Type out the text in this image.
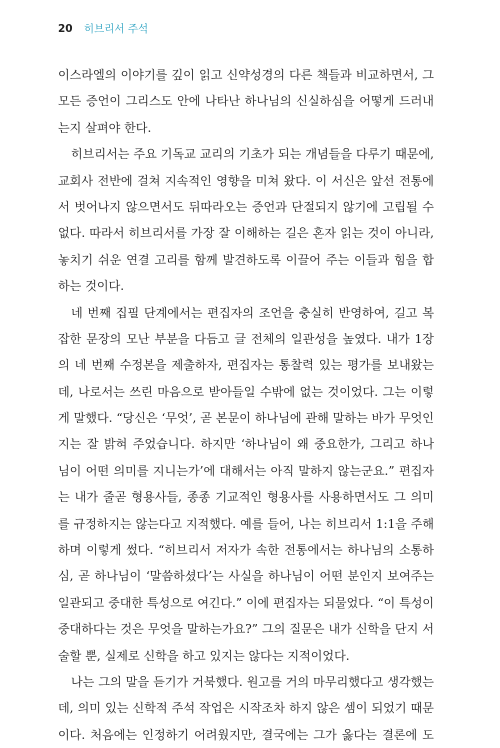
20 히브리서 주석
이스라엘의 이야기를 깊이 읽고 신약성경의 다른 책들과 비교하면서, 그
모든 증언이 그리스도 안에 나타난 하나님의 신실하심을 어떻게 드러내
는지 살펴야 한다.
히브리서는 주요 기독교 교리의 기초가 되는 개념들을 다루기 때문에,
교회사 전반에 걸쳐 지속적인 영향을 미쳐 왔다. 이 서신은 앞선 전통에
서 벗어나지 않으면서도 뒤따라오는 증언과 단절되지 않기에 고립될 수
없다. 따라서 히브리서를 가장 잘 이해하는 길은 혼자 읽는 것이 아니라,
놓치기 쉬운 연결 고리를 함께 발견하도록 이끌어 주는 이들과 힘을 합
하는 것이다.
네 번째 집필 단계에서는 편집자의 조언을 충실히 반영하여, 길고 복
잡한 문장의 모난 부분을 다듬고 글 전체의 일관성을 높였다. 내가 1장
의 네 번째 수정본을 제출하자, 편집자는 통찰력 있는 평가를 보내왔는
데, 나로서는 쓰린 마음으로 받아들일 수밖에 없는 것이었다. 그는 이렇
게 말했다. “당신은 ‘무엇’, 곧 본문이 하나님에 관해 말하는 바가 무엇인
지는 잘 밝혀 주었습니다. 하지만 ‘하나님이 왜 중요한가, 그리고 하나
님이 어떤 의미를 지니는가’에 대해서는 아직 말하지 않는군요.” 편집자
는 내가 줄곧 형용사들, 종종 기교적인 형용사를 사용하면서도 그 의미
를 규정하지는 않는다고 지적했다. 예를 들어, 나는 히브리서 1:1을 주해
하며 이렇게 썼다. “히브리서 저자가 속한 전통에서는 하나님의 소통하
심, 곧 하나님이 ‘말씀하셨다’는 사실을 하나님이 어떤 분인지 보여주는
일관되고 중대한 특성으로 여긴다.” 이에 편집자는 되물었다. “이 특성이
중대하다는 것은 무엇을 말하는가요?” 그의 질문은 내가 신학을 단지 서
술할 뿐, 실제로 신학을 하고 있지는 않다는 지적이었다.
나는 그의 말을 듣기가 거북했다. 원고를 거의 마무리했다고 생각했는
데, 의미 있는 신학적 주석 작업은 시작조차 하지 않은 셈이 되었기 때문
이다. 처음에는 인정하기 어려웠지만, 결국에는 그가 옳다는 결론에 도
